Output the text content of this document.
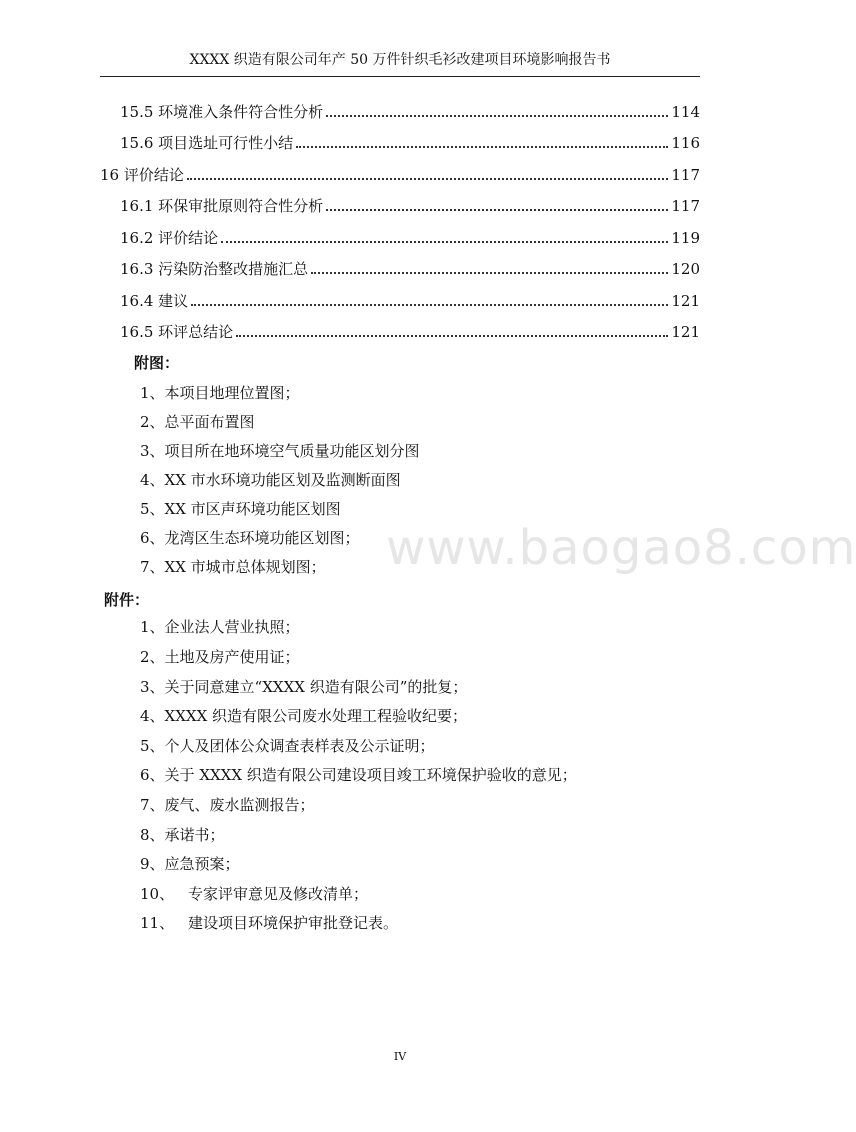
XXXX 织造有限公司年产 50 万件针织毛衫改建项目环境影响报告书
15.5 环境准入条件符合性分析	114
15.6 项目选址可行性小结	116
16 评价结论	117
16.1 环保审批原则符合性分析	117
16.2 评价结论	119
16.3 污染防治整改措施汇总	120
16.4 建议	121
16.5 环评总结论	121
附图：
1、本项目地理位置图；
2、总平面布置图
3、项目所在地环境空气质量功能区划分图
4、XX 市水环境功能区划及监测断面图
5、XX 市区声环境功能区划图
6、龙湾区生态环境功能区划图；
7、XX 市城市总体规划图； www.baogao8.com
附件：
1、企业法人营业执照；
2、土地及房产使用证；
3、关于同意建立“XXXX 织造有限公司”的批复；
4、XXXX 织造有限公司废水处理工程验收纪要；
5、个人及团体公众调查表样表及公示证明；
6、关于 XXXX 织造有限公司建设项目竣工环境保护验收的意见；
7、废气、废水监测报告；
8、承诺书；
9、应急预案；
10、 专家评审意见及修改清单；
11、 建设项目环境保护审批登记表。
IV
